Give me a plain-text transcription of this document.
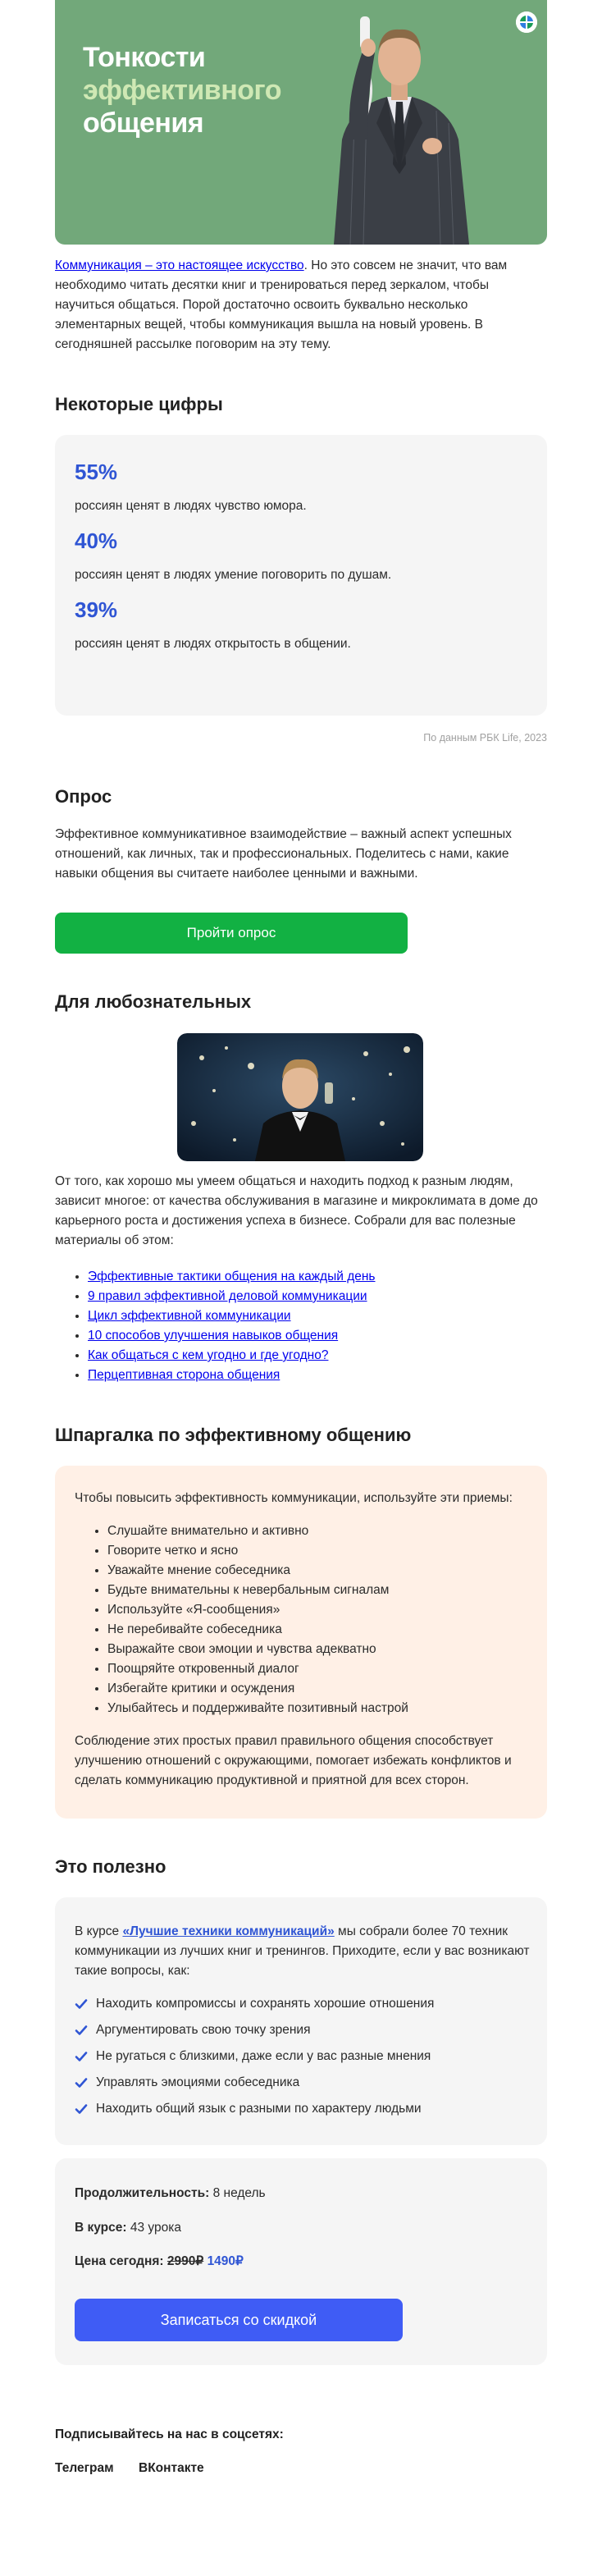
Тонкости
эффективного
общения

Коммуникация – это настоящее искусство. Но это совсем не значит, что вам необходимо читать десятки книг и тренироваться перед зеркалом, чтобы научиться общаться. Порой достаточно освоить буквально несколько элементарных вещей, чтобы коммуникация вышла на новый уровень. В сегодняшней рассылке поговорим на эту тему.

Некоторые цифры
55%
россиян ценят в людях чувство юмора.
40%
россиян ценят в людях умение поговорить по душам.
39%
россиян ценят в людях открытость в общении.
По данным РБК Life, 2023
Опрос

Эффективное коммуникативное взаимодействие – важный аспект успешных отношений, как личных, так и профессиональных. Поделитесь с нами, какие навыки общения вы считаете наиболее ценными и важными.

Пройти опрос
Для любознательных

От того, как хорошо мы умеем общаться и находить подход к разным людям, зависит многое: от качества обслуживания в магазине и микроклимата в доме до карьерного роста и достижения успеха в бизнесе. Собрали для вас полезные материалы об этом:

• Эффективные тактики общения на каждый день
• 9 правил эффективной деловой коммуникации
• Цикл эффективной коммуникации
• 10 способов улучшения навыков общения
• Как общаться с кем угодно и где угодно?
• Перцептивная сторона общения
Шпаргалка по эффективному общению

Чтобы повысить эффективность коммуникации, используйте эти приемы:

• Слушайте внимательно и активно
• Говорите четко и ясно
• Уважайте мнение собеседника
• Будьте внимательны к невербальным сигналам
• Используйте «Я-сообщения»
• Не перебивайте собеседника
• Выражайте свои эмоции и чувства адекватно
• Поощряйте откровенный диалог
• Избегайте критики и осуждения
• Улыбайтесь и поддерживайте позитивный настрой

Соблюдение этих простых правил правильного общения способствует улучшению отношений с окружающими, помогает избежать конфликтов и сделать коммуникацию продуктивной и приятной для всех сторон.

Это полезно

В курсе «Лучшие техники коммуникаций» мы собрали более 70 техник коммуникации из лучших книг и тренингов. Приходите, если у вас возникают такие вопросы, как:

Находить компромиссы и сохранять хорошие отношения
Аргументировать свою точку зрения
Не ругаться с близкими, даже если у вас разные мнения
Управлять эмоциями собеседника
Находить общий язык с разными по характеру людьми
Продолжительность: 8 недель
В курсе: 43 урока
Цена сегодня: 2990₽ 1490₽
Записаться со скидкой
Подписывайтесь на нас в соцсетях:
Телеграм ВКонтакте
